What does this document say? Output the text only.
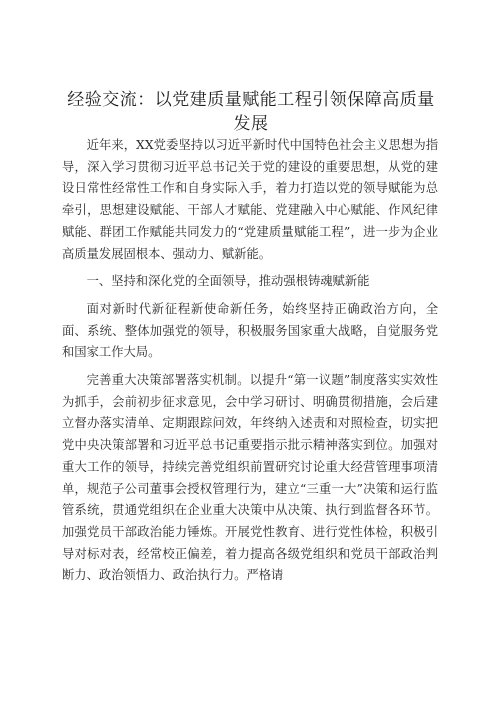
经验交流：以党建质量赋能工程引领保障高质量发展

近年来，XX党委坚持以习近平新时代中国特色社会主义思想为指导，深入学习贯彻习近平总书记关于党的建设的重要思想，从党的建设日常性经常性工作和自身实际入手，着力打造以党的领导赋能为总牵引，思想建设赋能、干部人才赋能、党建融入中心赋能、作风纪律赋能、群团工作赋能共同发力的“党建质量赋能工程”，进一步为企业高质量发展固根本、强动力、赋新能。

一、坚持和深化党的全面领导，推动强根铸魂赋新能

面对新时代新征程新使命新任务，始终坚持正确政治方向，全面、系统、整体加强党的领导，积极服务国家重大战略，自觉服务党和国家工作大局。

完善重大决策部署落实机制。以提升“第一议题”制度落实实效性为抓手，会前初步征求意见，会中学习研讨、明确贯彻措施，会后建立督办落实清单、定期跟踪问效，年终纳入述责和对照检查，切实把党中央决策部署和习近平总书记重要指示批示精神落实到位。加强对重大工作的领导，持续完善党组织前置研究讨论重大经营管理事项清单，规范子公司董事会授权管理行为，建立“三重一大”决策和运行监管系统，贯通党组织在企业重大决策中从决策、执行到监督各环节。加强党员干部政治能力锤炼。开展党性教育、进行党性体检，积极引导对标对表，经常校正偏差，着力提高各级党组织和党员干部政治判断力、政治领悟力、政治执行力。严格请
